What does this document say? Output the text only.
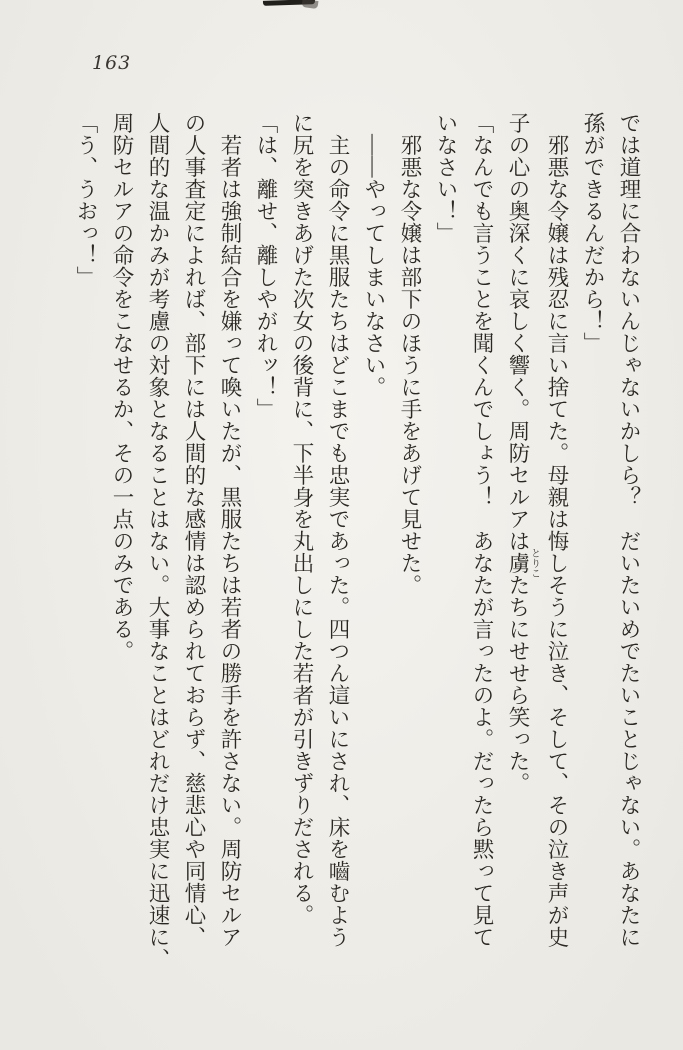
163
では道理に合わないんじゃないかしら？　だいたいめでたいことじゃない。あなたに
孫ができるんだから！」
　邪悪な令嬢は残忍に言い捨てた。母親は悔しそうに泣き、そして、その泣き声が史
子の心の奥深くに哀しく響く。周防セルアは虜とりこたちにせせら笑った。
「なんでも言うことを聞くんでしょう！　あなたが言ったのよ。だったら黙って見て
いなさい！」
　邪悪な令嬢は部下のほうに手をあげて見せた。
　——やってしまいなさい。
　主の命令に黒服たちはどこまでも忠実であった。四つん這いにされ、床を嚙むよう
に尻を突きあげた次女の後背に、下半身を丸出しにした若者が引きずりだされる。
「は、離せ、離しやがれッ！」
　若者は強制結合を嫌って喚いたが、黒服たちは若者の勝手を許さない。周防セルア
の人事査定によれば、部下には人間的な感情は認められておらず、慈悲心や同情心、
人間的な温かみが考慮の対象となることはない。大事なことはどれだけ忠実に迅速に、
周防セルアの命令をこなせるか、その一点のみである。
「う、うおっ！」
